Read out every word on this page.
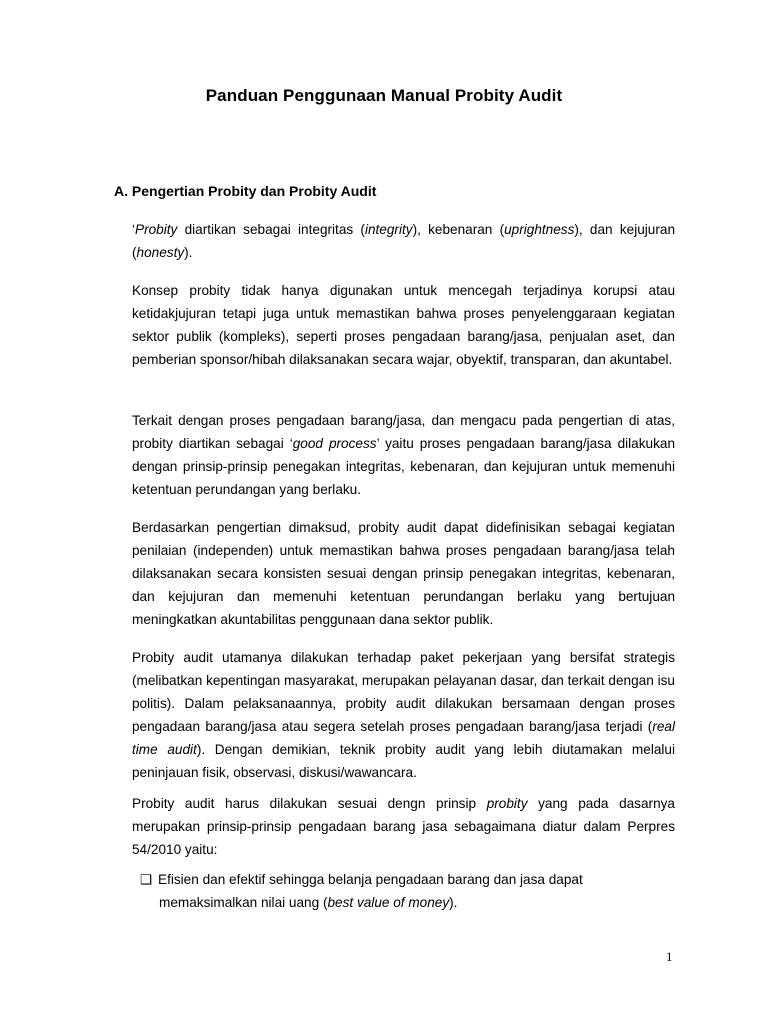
Panduan Penggunaan Manual Probity Audit
A. Pengertian Probity dan Probity Audit

‘Probity diartikan sebagai integritas (integrity), kebenaran (uprightness), dan kejujuran (honesty).

Konsep probity tidak hanya digunakan untuk mencegah terjadinya korupsi atau ketidakjujuran tetapi juga untuk memastikan bahwa proses penyelenggaraan kegiatan sektor publik (kompleks), seperti proses pengadaan barang/jasa, penjualan aset, dan pemberian sponsor/hibah dilaksanakan secara wajar, obyektif, transparan, dan akuntabel.

Terkait dengan proses pengadaan barang/jasa, dan mengacu pada pengertian di atas, probity diartikan sebagai ‘good process’ yaitu proses pengadaan barang/jasa dilakukan dengan prinsip-prinsip penegakan integritas, kebenaran, dan kejujuran untuk memenuhi ketentuan perundangan yang berlaku.

Berdasarkan pengertian dimaksud, probity audit dapat didefinisikan sebagai kegiatan penilaian (independen) untuk memastikan bahwa proses pengadaan barang/jasa telah dilaksanakan secara konsisten sesuai dengan prinsip penegakan integritas, kebenaran, dan kejujuran dan memenuhi ketentuan perundangan berlaku yang bertujuan meningkatkan akuntabilitas penggunaan dana sektor publik.

Probity audit utamanya dilakukan terhadap paket pekerjaan yang bersifat strategis (melibatkan kepentingan masyarakat, merupakan pelayanan dasar, dan terkait dengan isu politis). Dalam pelaksanaannya, probity audit dilakukan bersamaan dengan proses pengadaan barang/jasa atau segera setelah proses pengadaan barang/jasa terjadi (real time audit). Dengan demikian, teknik probity audit yang lebih diutamakan melalui peninjauan fisik, observasi, diskusi/wawancara.

Probity audit harus dilakukan sesuai dengn prinsip probity yang pada dasarnya merupakan prinsip-prinsip pengadaan barang jasa sebagaimana diatur dalam Perpres 54/2010 yaitu:

❑ Efisien dan efektif sehingga belanja pengadaan barang dan jasa dapat
memaksimalkan nilai uang (best value of money).
1
